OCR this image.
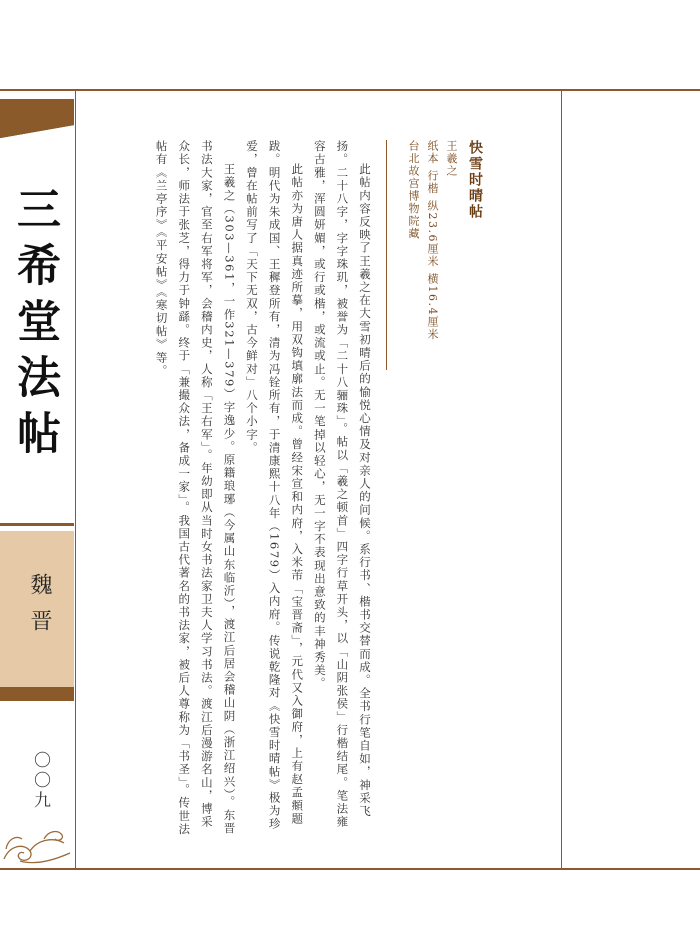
三希堂法帖
魏晋
〇〇九
快雪时晴帖
王羲之
纸本 行楷 纵23.6厘米 横16.4厘米
台北故宫博物院藏

此帖内容反映了王羲之在大雪初晴后的愉悦心情及对亲人的问候。系行书、楷书交替而成。全书行笔自如，神采飞扬。二十八字，字字珠玑，被誉为「二十八骊珠」。帖以「羲之顿首」四字行草开头，以「山阴张侯」行楷结尾。笔法雍容古雅，浑圆妍媚，或行或楷，或流或止。无一笔掉以轻心，无一字不表现出意致的丰神秀美。

此帖亦为唐人据真迹所摹，用双钩填廓法而成。曾经宋宣和内府，入米芾「宝晋斋」，元代又入御府，上有赵孟頫题跋。明代为朱成国、王穉登所有，清为冯铨所有，于清康熙十八年（1679）入内府。传说乾隆对《快雪时晴帖》极为珍爱，曾在帖前写了「天下无双，古今鲜对」八个小字。

王羲之（303—361，一作321—379）字逸少。原籍琅琊（今属山东临沂），渡江后居会稽山阴（浙江绍兴）。东晋书法大家，官至右军将军，会稽内史，人称「王右军」。年幼即从当时女书法家卫夫人学习书法。渡江后漫游名山，博采众长，师法于张芝，得力于钟繇。终于「兼撮众法，备成一家」。我国古代著名的书法家，被后人尊称为「书圣」。传世法帖有《兰亭序》《平安帖》《寒切帖》等。
